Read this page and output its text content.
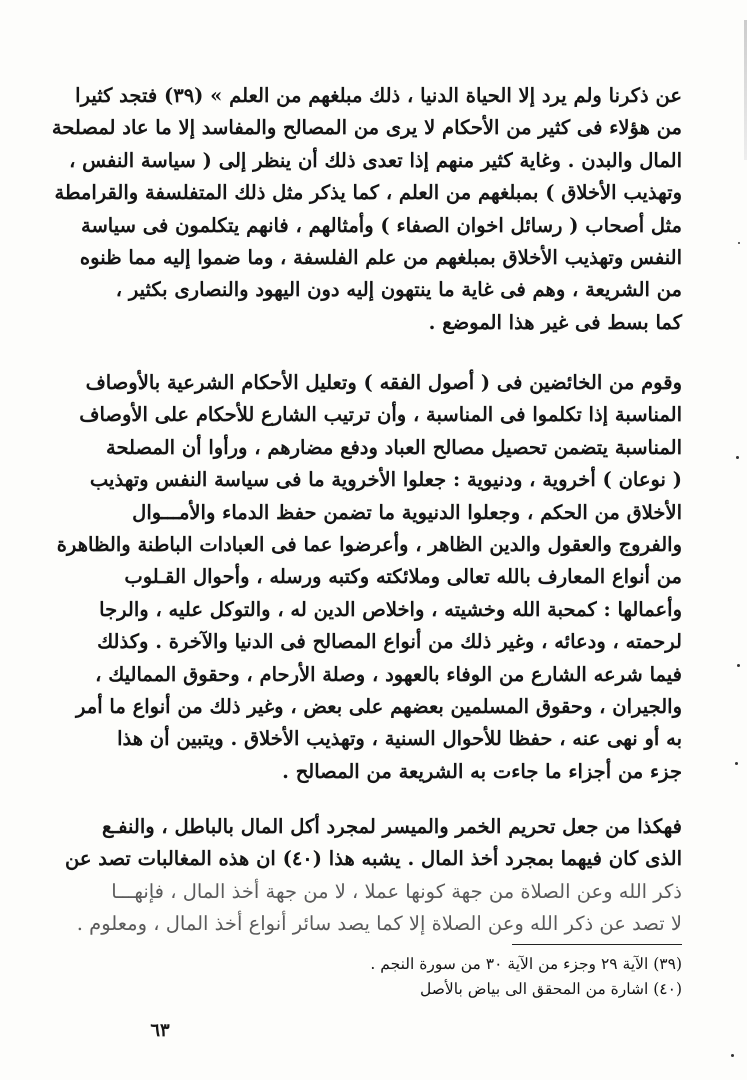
عن ذكرنا ولم يرد إلا الحياة الدنيا ، ذلك مبلغهم من العلم » (٣٩) فتجد كثيرا
من هؤلاء فى كثير من الأحكام لا يرى من المصالح والمفاسد إلا ما عاد لمصلحة
المال والبدن . وغاية كثير منهم إذا تعدى ذلك أن ينظر إلى ( سياسة النفس ،
وتهذيب الأخلاق ) بمبلغهم من العلم ، كما يذكر مثل ذلك المتفلسفة والقرامطة
مثل أصحاب ( رسائل اخوان الصفاء ) وأمثالهم ، فانهم يتكلمون فى سياسة
النفس وتهذيب الأخلاق بمبلغهم من علم الفلسفة ، وما ضموا إليه مما ظنوه
من الشريعة ، وهم فى غاية ما ينتهون إليه دون اليهود والنصارى بكثير ،
كما بسط فى غير هذا الموضع .
وقوم من الخائضين فى ( أصول الفقه ) وتعليل الأحكام الشرعية بالأوصاف
المناسبة إذا تكلموا فى المناسبة ، وأن ترتيب الشارع للأحكام على الأوصاف
المناسبة يتضمن تحصيل مصالح العباد ودفع مضارهم ، ورأوا أن المصلحة
( نوعان ) أخروية ، ودنيوية : جعلوا الأخروية ما فى سياسة النفس وتهذيب
الأخلاق من الحكم ، وجعلوا الدنيوية ما تضمن حفظ الدماء والأمـــوال
والفروج والعقول والدين الظاهر ، وأعرضوا عما فى العبادات الباطنة والظاهرة
من أنواع المعارف بالله تعالى وملائكته وكتبه ورسله ، وأحوال القـلوب
وأعمالها : كمحبة الله وخشيته ، واخلاص الدين له ، والتوكل عليه ، والرجا
لرحمته ، ودعائه ، وغير ذلك من أنواع المصالح فى الدنيا والآخرة . وكذلك
فيما شرعه الشارع من الوفاء بالعهود ، وصلة الأرحام ، وحقوق المماليك ،
والجيران ، وحقوق المسلمين بعضهم على بعض ، وغير ذلك من أنواع ما أمر
به أو نهى عنه ، حفظا للأحوال السنية ، وتهذيب الأخلاق . ويتبين أن هذا
جزء من أجزاء ما جاءت به الشريعة من المصالح .
فهكذا من جعل تحريم الخمر والميسر لمجرد أكل المال بالباطل ، والنفـع
الذى كان فيهما بمجرد أخذ المال . يشبه هذا (٤٠) ان هذه المغالبات تصد عن
ذكر الله وعن الصلاة من جهة كونها عملا ، لا من جهة أخذ المال ، فإنهـــا
لا تصد عن ذكر الله وعن الصلاة إلا كما يصد سائر أنواع أخذ المال ، ومعلوم .
(٣٩) الآية ٢٩ وجزء من الآية ٣٠ من سورة النجم .
(٤٠) اشارة من المحقق الى بياض بالأصل
٦٣
